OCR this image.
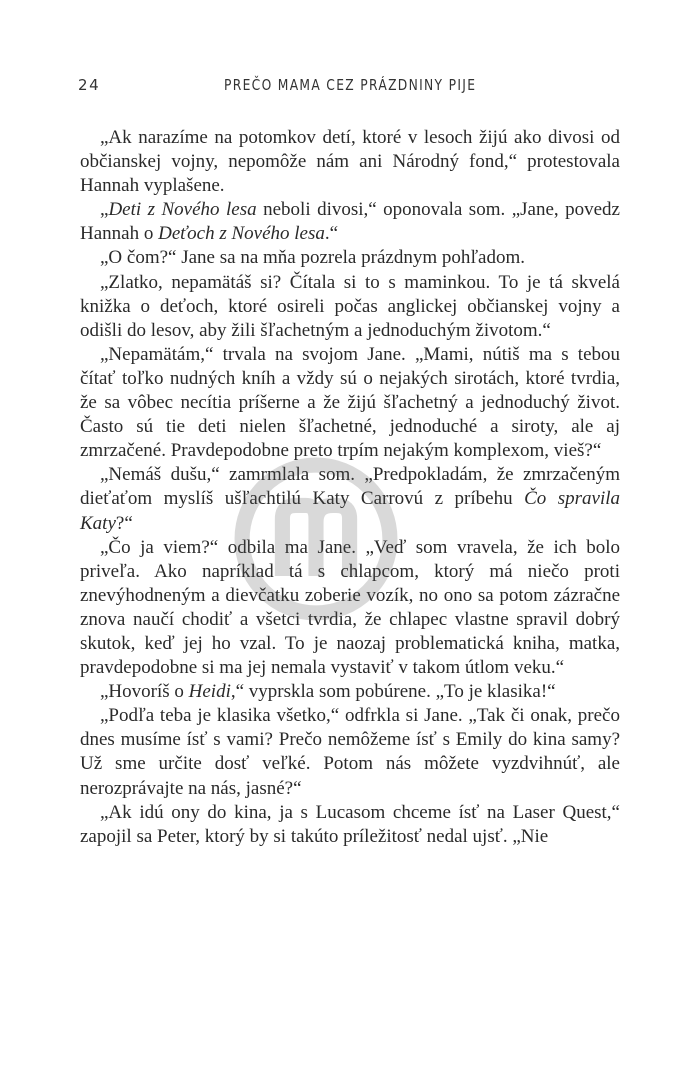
24	PREČO MAMA CEZ PRÁZDNINY PIJE

„Ak narazíme na potomkov detí, ktoré v lesoch žijú ako divosi od občianskej vojny, nepomôže nám ani Národný fond,“ protestovala Hannah vyplašene.

„Deti z Nového lesa neboli divosi,“ oponovala som. „Jane, povedz Hannah o Deťoch z Nového lesa.“

„O čom?“ Jane sa na mňa pozrela prázdnym pohľadom.

„Zlatko, nepamätáš si? Čítala si to s maminkou. To je tá skvelá knižka o deťoch, ktoré osireli počas anglickej občianskej vojny a odišli do lesov, aby žili šľachetným a jednoduchým životom.“

„Nepamätám,“ trvala na svojom Jane. „Mami, nútiš ma s tebou čítať toľko nudných kníh a vždy sú o nejakých sirotách, ktoré tvrdia, že sa vôbec necítia príšerne a že žijú šľachetný a jednoduchý život. Často sú tie deti nielen šľachetné, jednoduché a siroty, ale aj zmrzačené. Pravdepodobne preto trpím nejakým komplexom, vieš?“

„Nemáš dušu,“ zamrmlala som. „Predpokladám, že zmrzačeným dieťaťom myslíš ušľachtilú Katy Carrovú z príbehu Čo spravila Katy?“

„Čo ja viem?“ odbila ma Jane. „Veď som vravela, že ich bolo priveľa. Ako napríklad tá s chlapcom, ktorý má niečo proti znevýhodneným a dievčatku zoberie vozík, no ono sa potom zázračne znova naučí chodiť a všetci tvrdia, že chlapec vlastne spravil dobrý skutok, keď jej ho vzal. To je naozaj problematická kniha, matka, pravdepodobne si ma jej nemala vystaviť v takom útlom veku.“

„Hovoríš o Heidi,“ vyprskla som pobúrene. „To je klasika!“

„Podľa teba je klasika všetko,“ odfrkla si Jane. „Tak či onak, prečo dnes musíme ísť s vami? Prečo nemôžeme ísť s Emily do kina samy? Už sme určite dosť veľké. Potom nás môžete vyzdvihnúť, ale nerozprávajte na nás, jasné?“

„Ak idú ony do kina, ja s Lucasom chceme ísť na Laser Quest,“ zapojil sa Peter, ktorý by si takúto príležitosť nedal ujsť. „Nie
